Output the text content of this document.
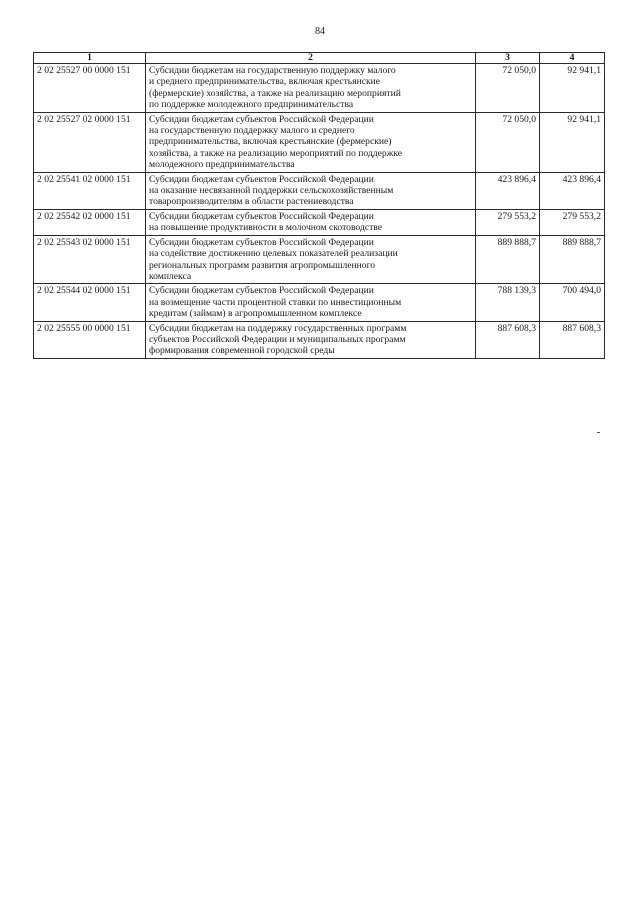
84
1	2	3	4
2 02 25527 00 0000 151	Субсидии бюджетам на государственную поддержку малого
и среднего предпринимательства, включая крестьянские
(фермерские) хозяйства, а также на реализацию мероприятий
по поддержке молодежного предпринимательства	72 050,0	92 941,1
2 02 25527 02 0000 151	Субсидии бюджетам субъектов Российской Федерации
на государственную поддержку малого и среднего
предпринимательства, включая крестьянские (фермерские)
хозяйства, а также на реализацию мероприятий по поддержке
молодежного предпринимательства	72 050,0	92 941,1
2 02 25541 02 0000 151	Субсидии бюджетам субъектов Российской Федерации
на оказание несвязанной поддержки сельскохозяйственным
товаропроизводителям в области растениеводства	423 896,4	423 896,4
2 02 25542 02 0000 151	Субсидии бюджетам субъектов Российской Федерации
на повышение продуктивности в молочном скотоводстве	279 553,2	279 553,2
2 02 25543 02 0000 151	Субсидии бюджетам субъектов Российской Федерации
на содействие достижению целевых показателей реализации
региональных программ развития агропромышленного
комплекса	889 888,7	889 888,7
2 02 25544 02 0000 151	Субсидии бюджетам субъектов Российской Федерации
на возмещение части процентной ставки по инвестиционным
кредитам (займам) в агропромышленном комплексе	788 139,3	700 494,0
2 02 25555 00 0000 151	Субсидии бюджетам на поддержку государственных программ
субъектов Российской Федерации и муниципальных программ
формирования современной городской среды	887 608,3	887 608,3
